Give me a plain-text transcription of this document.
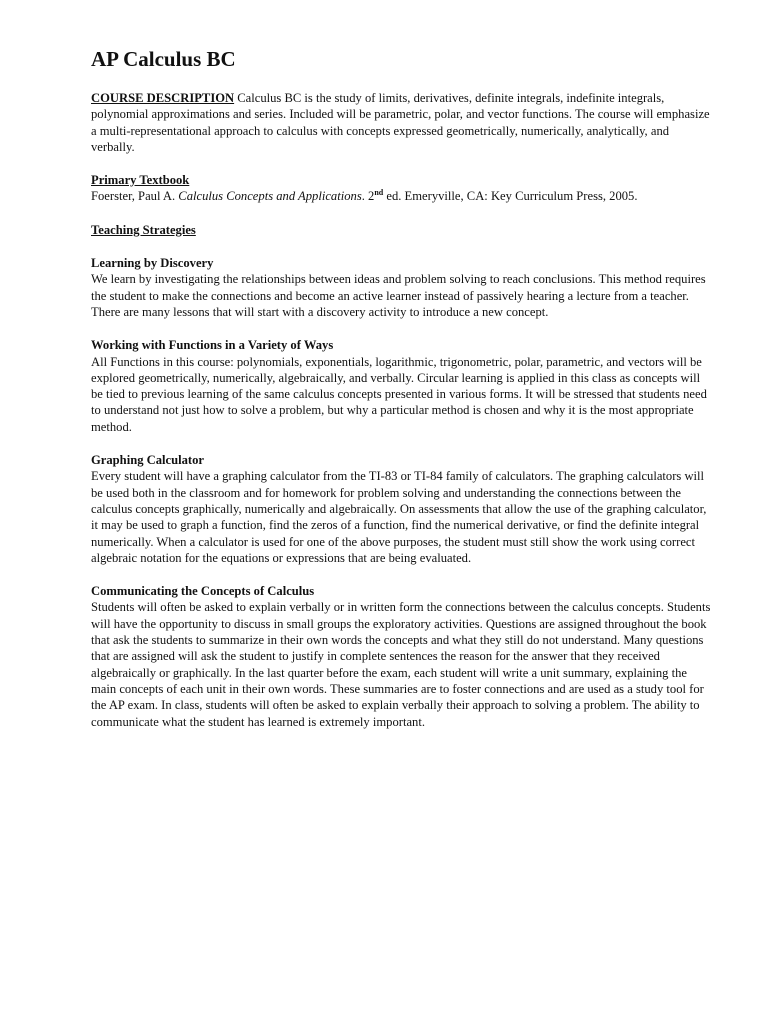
AP Calculus BC

COURSE DESCRIPTION Calculus BC is the study of limits, derivatives, definite integrals, indefinite integrals, polynomial approximations and series. Included will be parametric, polar, and vector functions. The course will emphasize a multi-representational approach to calculus with concepts expressed geometrically, numerically, analytically, and verbally.

Primary Textbook
Foerster, Paul A. Calculus Concepts and Applications. 2nd ed. Emeryville, CA: Key Curriculum Press, 2005.

Teaching Strategies

Learning by Discovery
We learn by investigating the relationships between ideas and problem solving to reach conclusions. This method requires the student to make the connections and become an active learner instead of passively hearing a lecture from a teacher. There are many lessons that will start with a discovery activity to introduce a new concept.

Working with Functions in a Variety of Ways
All Functions in this course: polynomials, exponentials, logarithmic, trigonometric, polar, parametric, and vectors will be explored geometrically, numerically, algebraically, and verbally. Circular learning is applied in this class as concepts will be tied to previous learning of the same calculus concepts presented in various forms. It will be stressed that students need to understand not just how to solve a problem, but why a particular method is chosen and why it is the most appropriate method.

Graphing Calculator
Every student will have a graphing calculator from the TI-83 or TI-84 family of calculators. The graphing calculators will be used both in the classroom and for homework for problem solving and understanding the connections between the calculus concepts graphically, numerically and algebraically. On assessments that allow the use of the graphing calculator, it may be used to graph a function, find the zeros of a function, find the numerical derivative, or find the definite integral numerically. When a calculator is used for one of the above purposes, the student must still show the work using correct algebraic notation for the equations or expressions that are being evaluated.

Communicating the Concepts of Calculus
Students will often be asked to explain verbally or in written form the connections between the calculus concepts. Students will have the opportunity to discuss in small groups the exploratory activities. Questions are assigned throughout the book that ask the students to summarize in their own words the concepts and what they still do not understand. Many questions that are assigned will ask the student to justify in complete sentences the reason for the answer that they received algebraically or graphically. In the last quarter before the exam, each student will write a unit summary, explaining the main concepts of each unit in their own words. These summaries are to foster connections and are used as a study tool for the AP exam. In class, students will often be asked to explain verbally their approach to solving a problem. The ability to communicate what the student has learned is extremely important.
